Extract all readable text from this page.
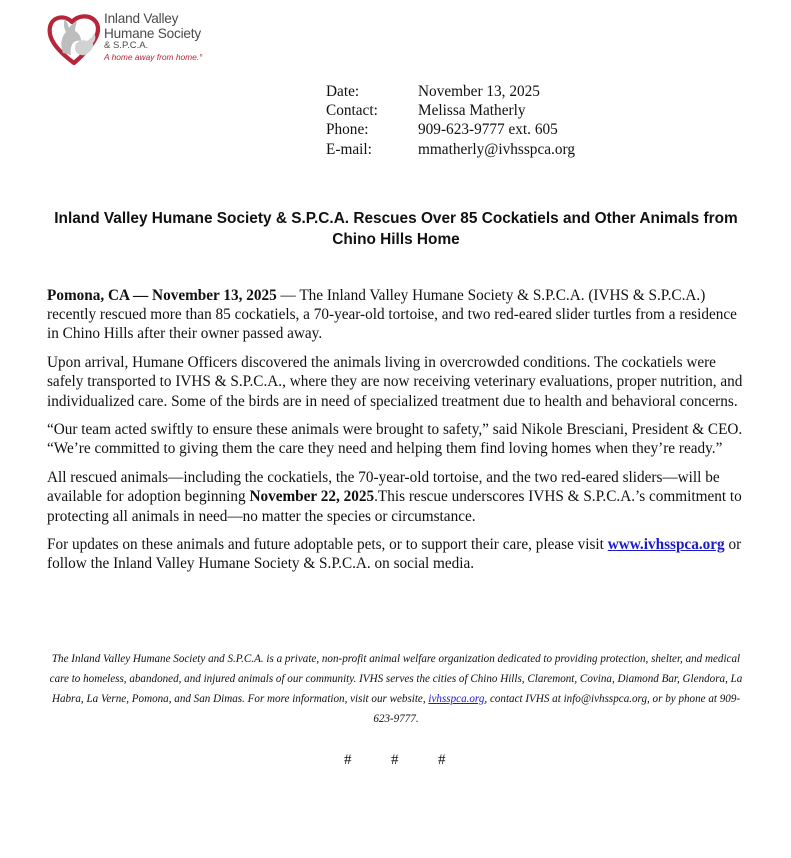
Inland Valley
Humane Society
& S.P.C.A.
A home away from home.°
Date:	November 13, 2025
Contact:	Melissa Matherly
Phone:	909-623-9777 ext. 605
E-mail:	mmatherly@ivhsspca.org
Inland Valley Humane Society & S.P.C.A. Rescues Over 85 Cockatiels and Other Animals from Chino Hills Home

Pomona, CA — November 13, 2025 — The Inland Valley Humane Society & S.P.C.A. (IVHS & S.P.C.A.) recently rescued more than 85 cockatiels, a 70-year-old tortoise, and two red-eared slider turtles from a residence in Chino Hills after their owner passed away.

Upon arrival, Humane Officers discovered the animals living in overcrowded conditions. The cockatiels were safely transported to IVHS & S.P.C.A., where they are now receiving veterinary evaluations, proper nutrition, and individualized care. Some of the birds are in need of specialized treatment due to health and behavioral concerns.

“Our team acted swiftly to ensure these animals were brought to safety,” said Nikole Bresciani, President & CEO. “We’re committed to giving them the care they need and helping them find loving homes when they’re ready.”

All rescued animals—including the cockatiels, the 70-year-old tortoise, and the two red-eared sliders—will be available for adoption beginning November 22, 2025.This rescue underscores IVHS & S.P.C.A.’s commitment to protecting all animals in need—no matter the species or circumstance.

For updates on these animals and future adoptable pets, or to support their care, please visit www.ivhsspca.org or follow the Inland Valley Humane Society & S.P.C.A. on social media.

The Inland Valley Humane Society and S.P.C.A. is a private, non-profit animal welfare organization dedicated to providing protection, shelter, and medical care to homeless, abandoned, and injured animals of our community. IVHS serves the cities of Chino Hills, Claremont, Covina, Diamond Bar, Glendora, La Habra, La Verne, Pomona, and San Dimas. For more information, visit our website, ivhsspca.org, contact IVHS at info@ivhsspca.org, or by phone at 909-623-9777.
#	#	#
